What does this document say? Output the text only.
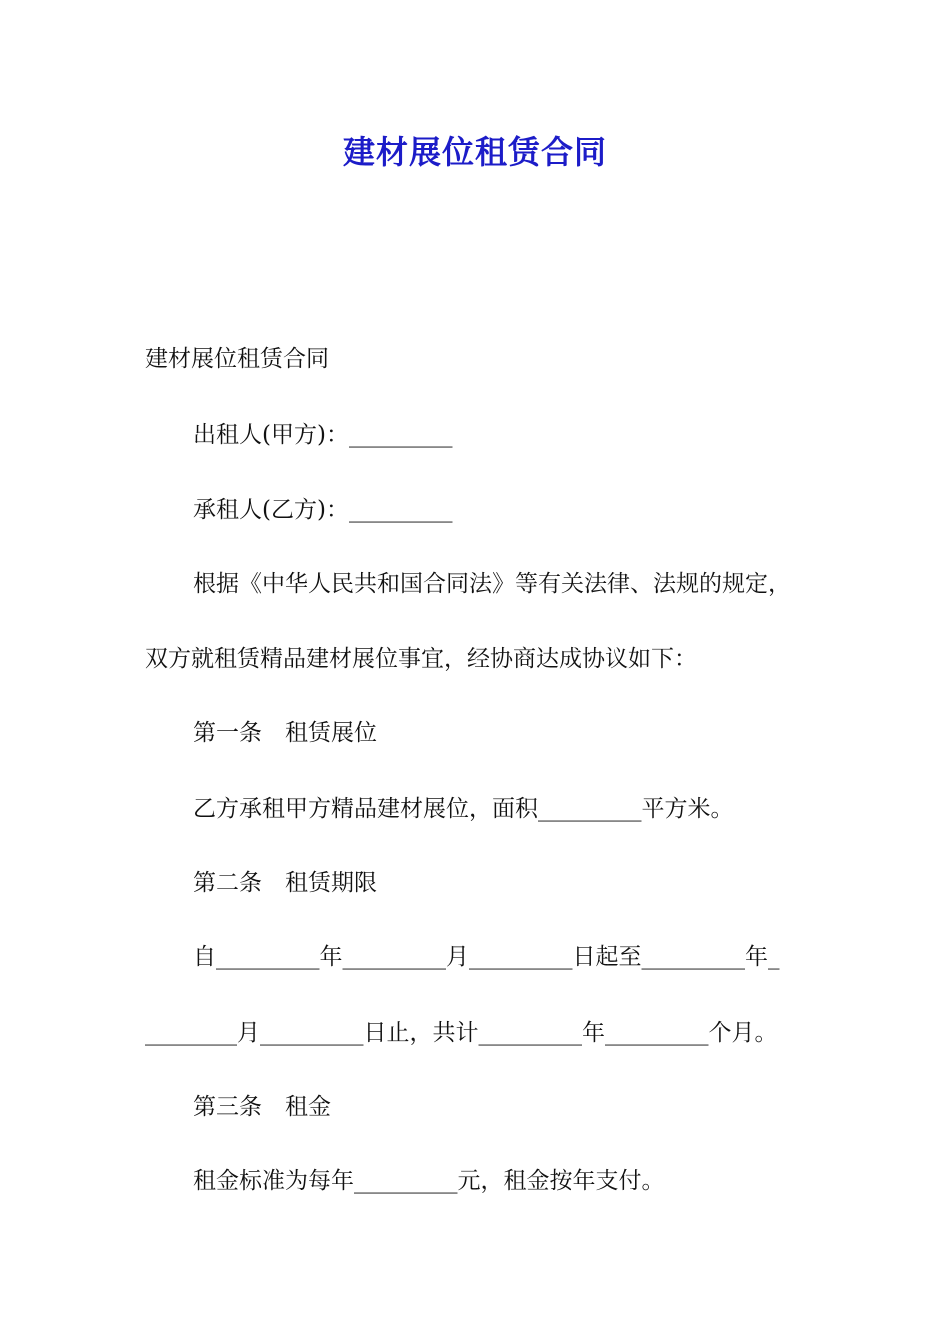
建材展位租赁合同

建材展位租赁合同

出租人(甲方)：_________

承租人(乙方)：_________

根据《中华人民共和国合同法》等有关法律、法规的规定，

双方就租赁精品建材展位事宜，经协商达成协议如下：

第一条　租赁展位

乙方承租甲方精品建材展位，面积_________平方米。

第二条　租赁期限

自_________年_________月_________日起至_________年_

________月_________日止，共计_________年_________个月。

第三条　租金

租金标准为每年_________元，租金按年支付。
